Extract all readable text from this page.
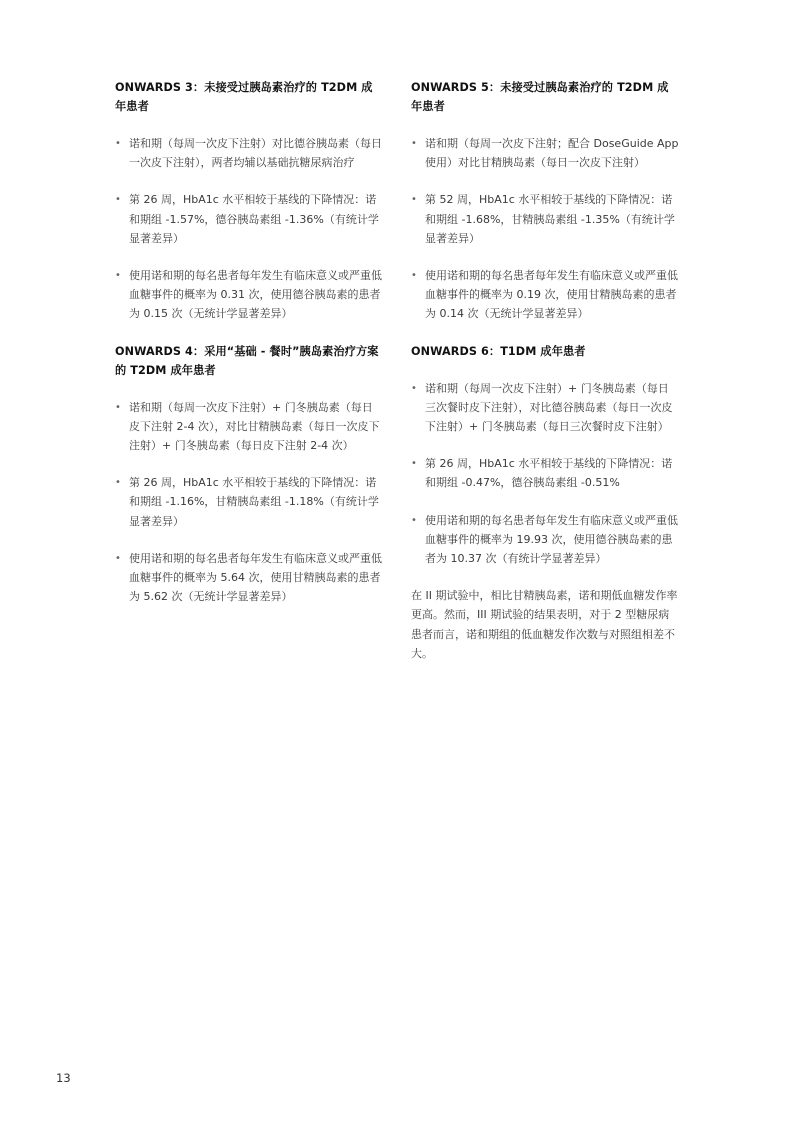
ONWARDS 3：未接受过胰岛素治疗的 T2DM 成年患者
• 诺和期（每周一次皮下注射）对比德谷胰岛素（每日一次皮下注射），两者均辅以基础抗糖尿病治疗
• 第 26 周，HbA1c 水平相较于基线的下降情况：诺和期组 -1.57%，德谷胰岛素组 -1.36%（有统计学显著差异）
• 使用诺和期的每名患者每年发生有临床意义或严重低血糖事件的概率为 0.31 次，使用德谷胰岛素的患者为 0.15 次（无统计学显著差异）
ONWARDS 4：采用“基础 - 餐时”胰岛素治疗方案的 T2DM 成年患者
• 诺和期（每周一次皮下注射）+ 门冬胰岛素（每日皮下注射 2-4 次），对比甘精胰岛素（每日一次皮下注射）+ 门冬胰岛素（每日皮下注射 2-4 次）
• 第 26 周，HbA1c 水平相较于基线的下降情况：诺和期组 -1.16%，甘精胰岛素组 -1.18%（有统计学显著差异）
• 使用诺和期的每名患者每年发生有临床意义或严重低血糖事件的概率为 5.64 次，使用甘精胰岛素的患者为 5.62 次（无统计学显著差异）
ONWARDS 5：未接受过胰岛素治疗的 T2DM 成年患者
• 诺和期（每周一次皮下注射；配合 DoseGuide App 使用）对比甘精胰岛素（每日一次皮下注射）
• 第 52 周，HbA1c 水平相较于基线的下降情况：诺和期组 -1.68%，甘精胰岛素组 -1.35%（有统计学显著差异）
• 使用诺和期的每名患者每年发生有临床意义或严重低血糖事件的概率为 0.19 次，使用甘精胰岛素的患者为 0.14 次（无统计学显著差异）
ONWARDS 6：T1DM 成年患者
• 诺和期（每周一次皮下注射）+ 门冬胰岛素（每日三次餐时皮下注射），对比德谷胰岛素（每日一次皮下注射）+ 门冬胰岛素（每日三次餐时皮下注射）
• 第 26 周，HbA1c 水平相较于基线的下降情况：诺和期组 -0.47%，德谷胰岛素组 -0.51%
• 使用诺和期的每名患者每年发生有临床意义或严重低血糖事件的概率为 19.93 次，使用德谷胰岛素的患者为 10.37 次（有统计学显著差异）

在 II 期试验中，相比甘精胰岛素，诺和期低血糖发作率更高。然而，III 期试验的结果表明，对于 2 型糖尿病患者而言，诺和期组的低血糖发作次数与对照组相差不大。

13
